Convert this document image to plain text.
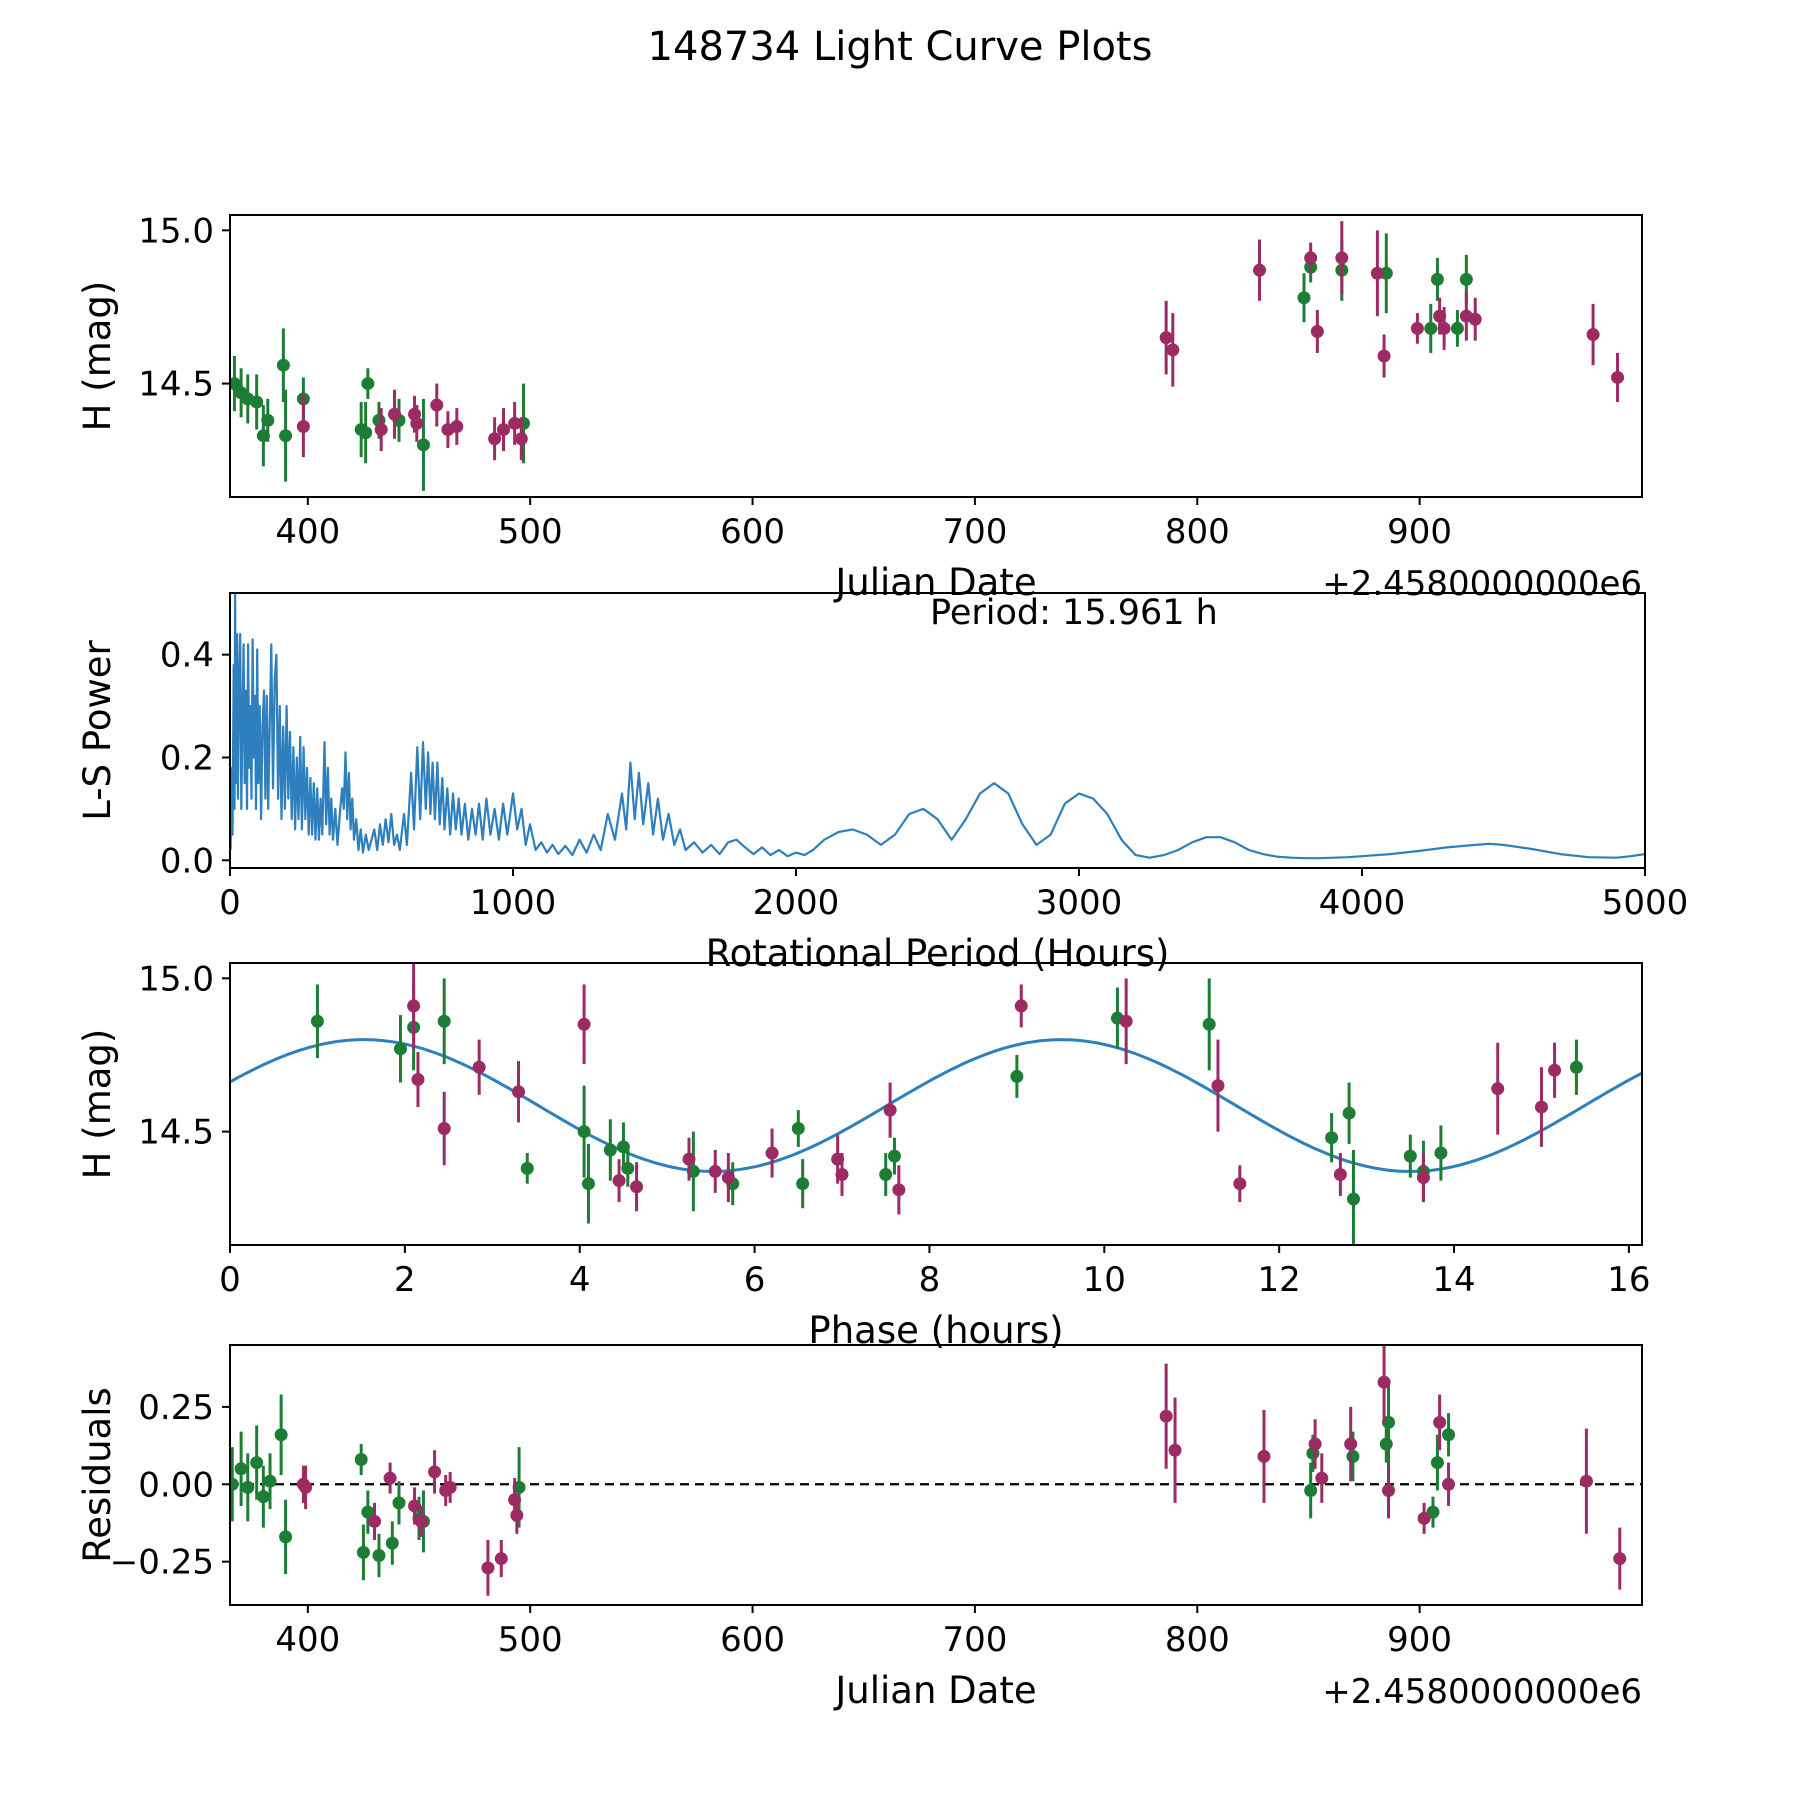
148734 Light Curve Plots
400	500	600	700	800	900
15.0
14.5
Julian Date	+2.4580000000e6
H (mag)
0	1000	2000	3000	4000	5000
0.0
0.2
0.4
Rotational Period (Hours)
L-S Power
Period: 15.961 h
0	2	4	6	8	10	12	14	16
15.0
14.5
Phase (hours)
H (mag)
400	500	600	700	800	900
0.25
0.00
−0.25
Julian Date	+2.4580000000e6
Residuals
